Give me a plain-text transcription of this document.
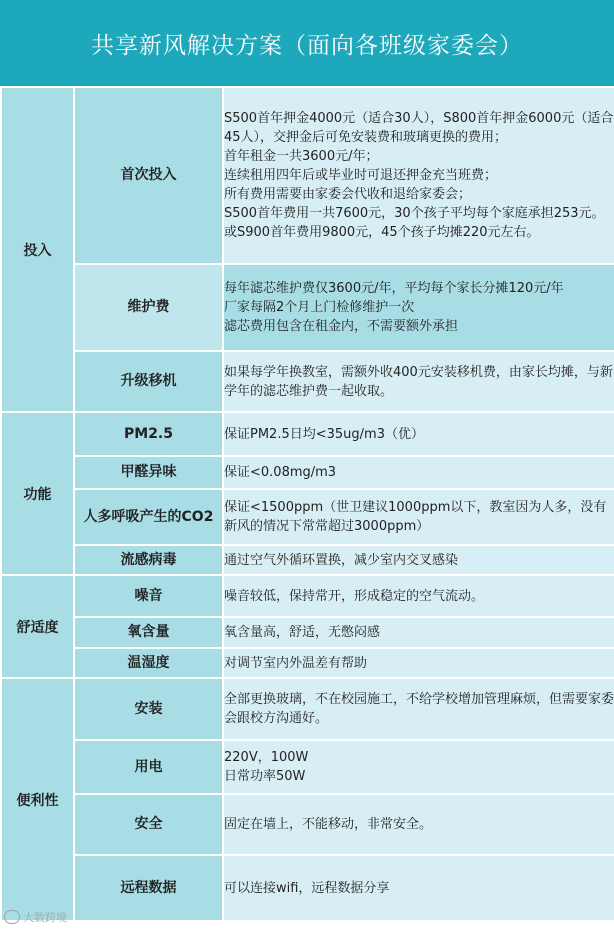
共享新风解决方案（面向各班级家委会）
投入	首次投入	S500首年押金4000元（适合30人），S800首年押金6000元（适合45人），交押金后可免安装费和玻璃更换的费用；
首年租金一共3600元/年；
连续租用四年后或毕业时可退还押金充当班费；
所有费用需要由家委会代收和退给家委会；
S500首年费用一共7600元，30个孩子平均每个家庭承担253元。或S900首年费用9800元，45个孩子均摊220元左右。

	维护费	每年滤芯维护费仅3600元/年，平均每个家长分摊120元/年
厂家每隔2个月上门检修维护一次
滤芯费用包含在租金内，不需要额外承担

	升级移机	如果每学年换教室，需额外收400元安装移机费，由家长均摊，与新学年的滤芯维护费一起收取。

功能	PM2.5	保证PM2.5日均<35ug/m3（优）

	甲醛异味	保证<0.08mg/m3

	人多呼吸产生的CO2	保证<1500ppm（世卫建议1000ppm以下，教室因为人多，没有新风的情况下常常超过3000ppm）

	流感病毒	通过空气外循环置换，减少室内交叉感染

舒适度	噪音	噪音较低，保持常开，形成稳定的空气流动。

	氧含量	氧含量高，舒适，无憋闷感

	温湿度	对调节室内外温差有帮助

便利性	安装	全部更换玻璃，不在校园施工，不给学校增加管理麻烦，但需要家委会跟校方沟通好。

	用电	220V，100W
日常功率50W

	安全	固定在墙上，不能移动，非常安全。

	远程数据	可以连接wifi，远程数据分享
大数跨境
